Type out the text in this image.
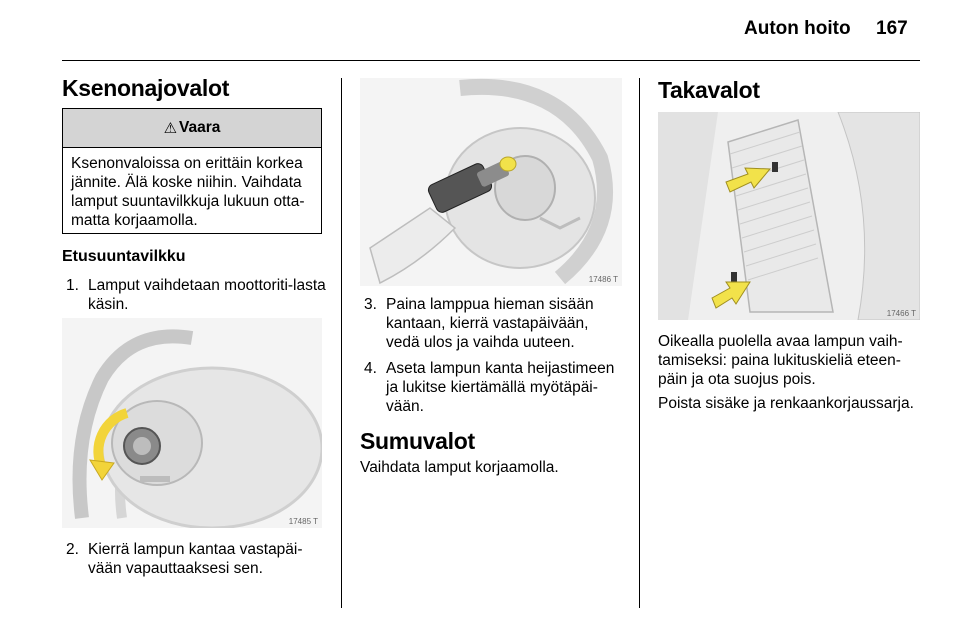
Auton hoito 167
Ksenonajovalot
⚠ Vaara
Ksenonvaloissa on erittäin korkea jännite. Älä koske niihin. Vaihdata lamput suuntavilkkuja lukuun otta-matta korjaamolla.
Etusuuntavilkku
1. Lamput vaihdetaan moottoriti-lasta käsin.
17485 T
2. Kierrä lampun kantaa vastapäi-vään vapauttaaksesi sen.
17486 T
3. Paina lamppua hieman sisään kantaan, kierrä vastapäivään, vedä ulos ja vaihda uuteen.
4. Aseta lampun kanta heijastimeen ja lukitse kiertämällä myötäpäi-vään.
Sumuvalot
Vaihdata lamput korjaamolla.
Takavalot
17466 T
Oikealla puolella avaa lampun vaih-tamiseksi: paina lukituskieliä eteen-päin ja ota suojus pois.
Poista sisäke ja renkaankorjaussarja.
